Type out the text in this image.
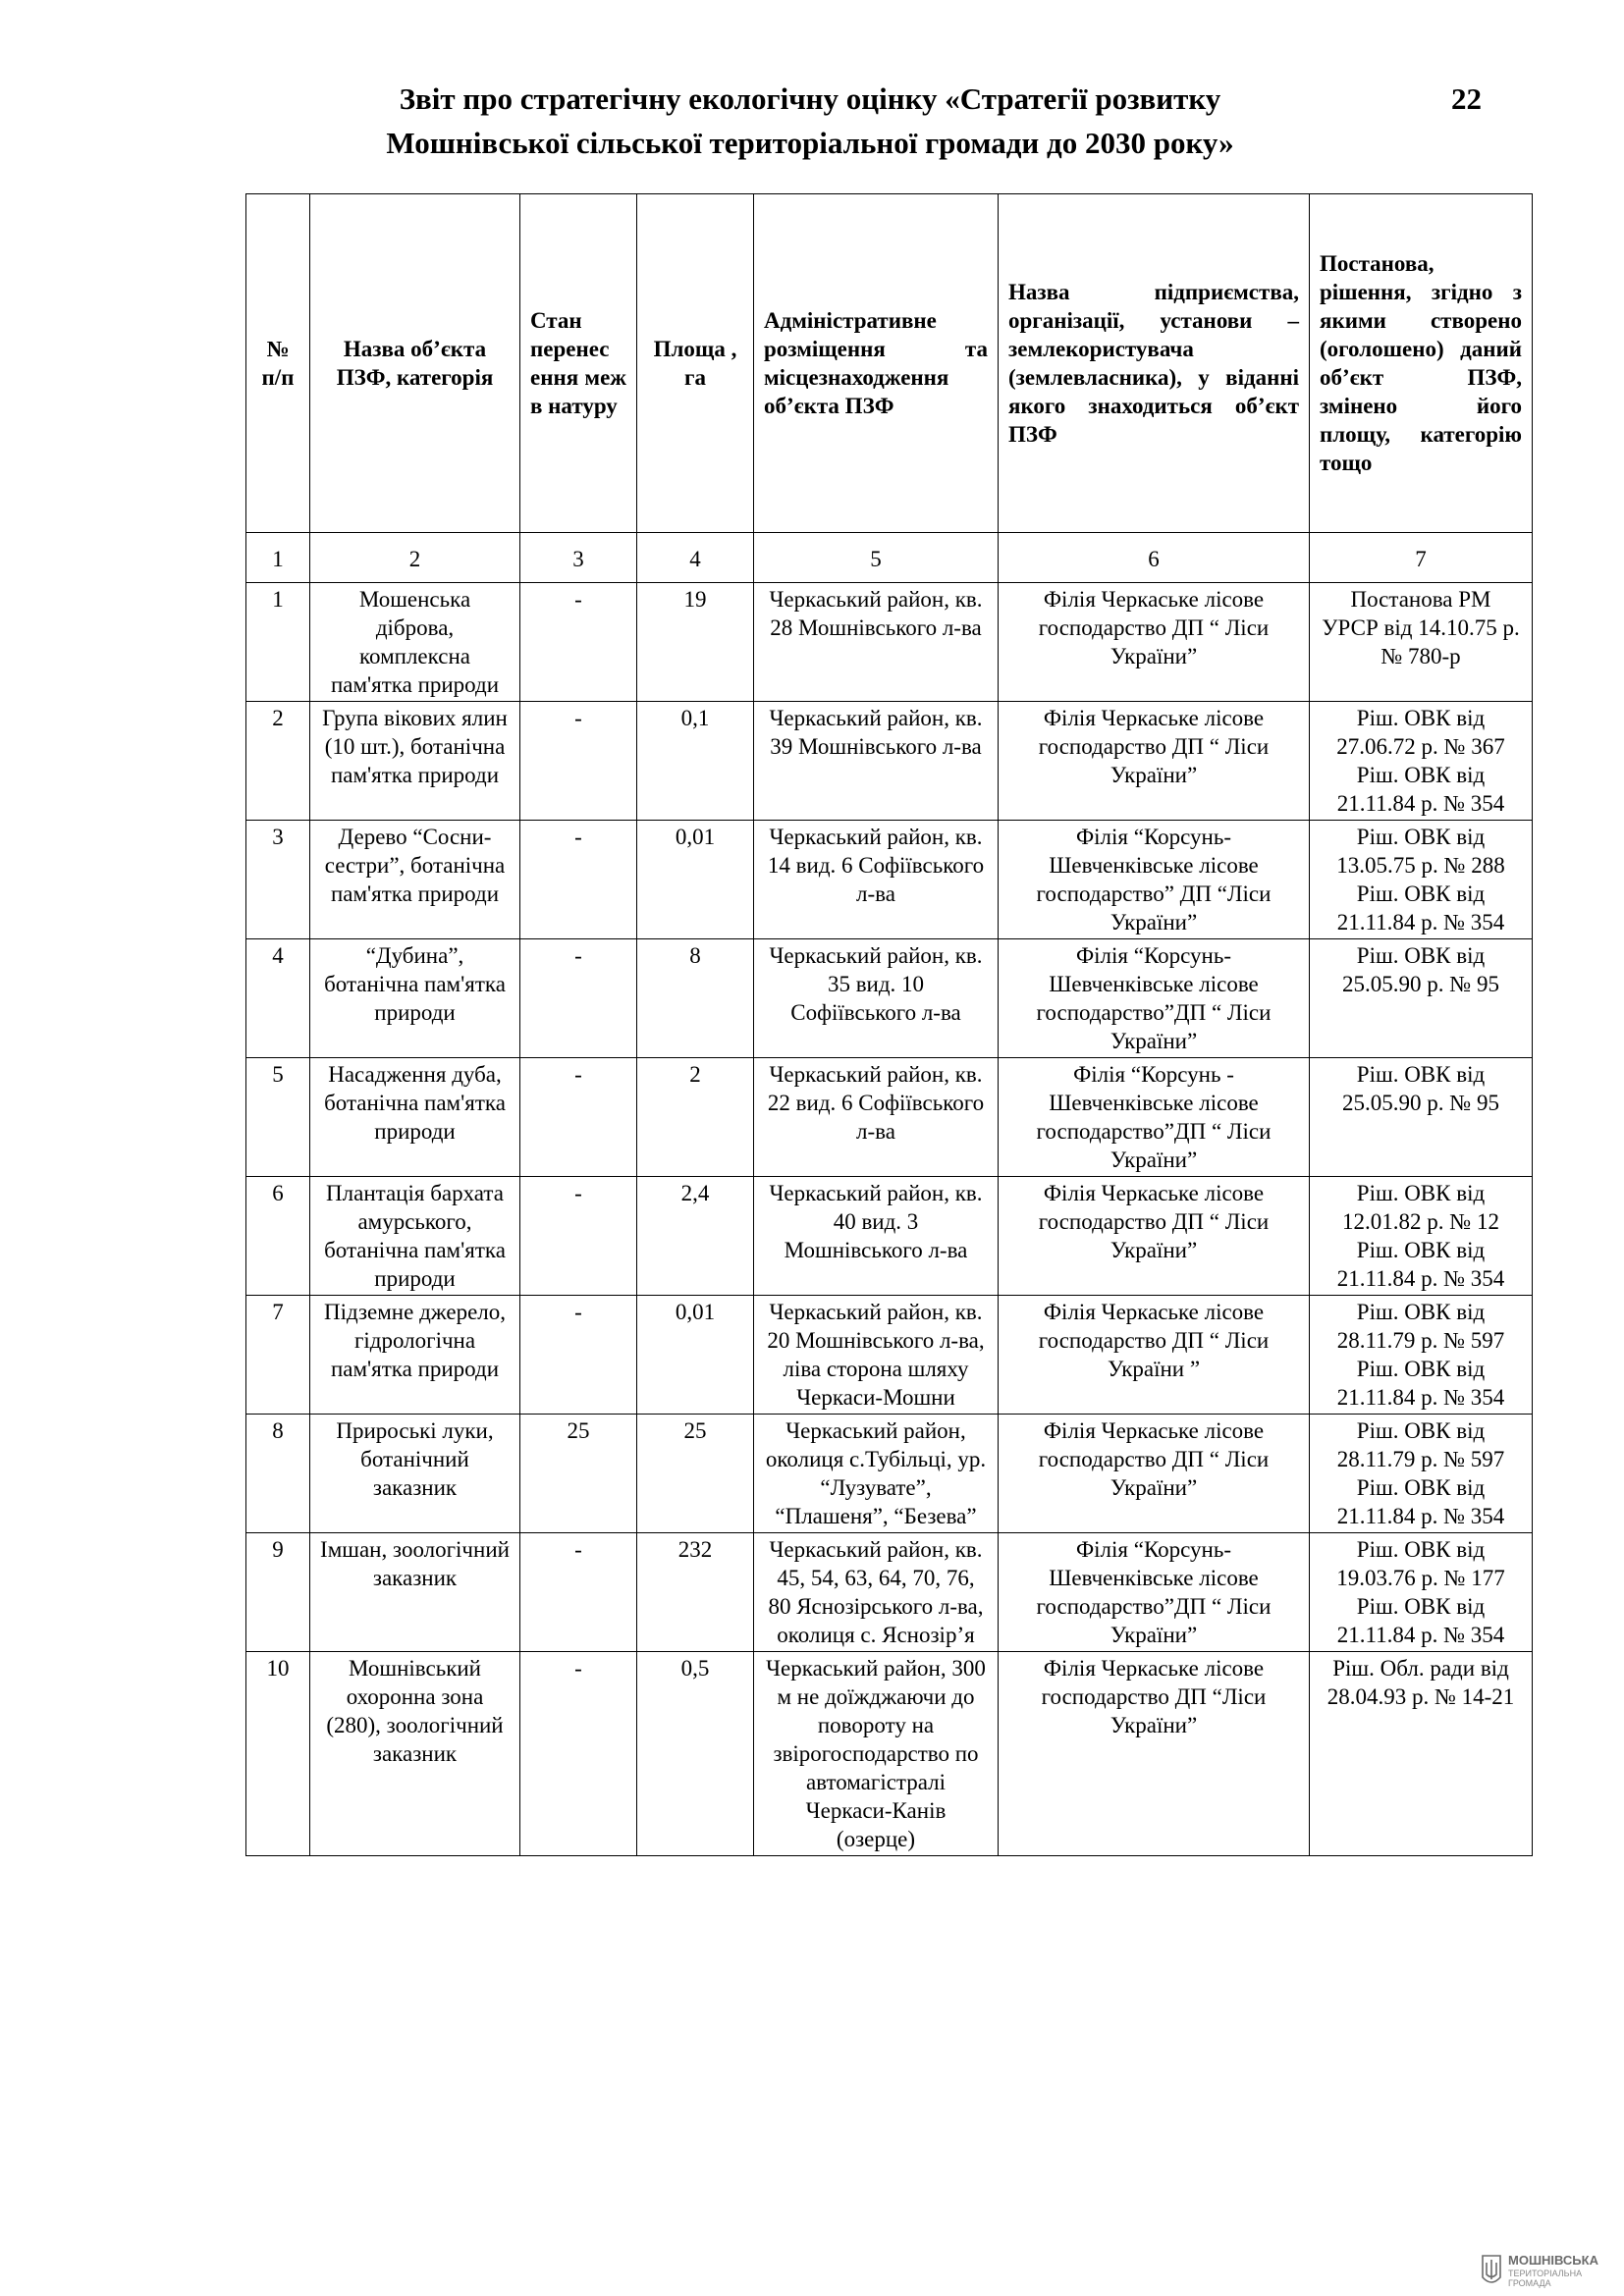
Звіт про стратегічну екологічну оцінку «Стратегії розвитку
Мошнівської сільської територіальної громади до 2030 року»
22
№ п/п	Назва об’єкта ПЗФ, категорія	Стан перенес ення меж в натуру	Площа , га	Адміністративне розміщення та місцезнаходження об’єкта ПЗФ	Назва підприємства, організації, установи – землекористувача (землевласника), у віданні якого знаходиться об’єкт ПЗФ	Постанова, рішення, згідно з якими створено (оголошено) даний об’єкт ПЗФ, змінено його площу, категорію тощо
1	2	3	4	5	6	7
1	Мошенська діброва, комплексна пам'ятка природи	-	19	Черкаський район, кв. 28 Мошнівського л-ва	Філія Черкаське лісове господарство ДП “ Ліси України”	Постанова РМ УРСР від 14.10.75 р. № 780-р
2	Група вікових ялин (10 шт.), ботанічна пам'ятка природи	-	0,1	Черкаський район, кв. 39 Мошнівського л-ва	Філія Черкаське лісове господарство ДП “ Ліси України”	Ріш. ОВК від 27.06.72 р. № 367 Ріш. ОВК від 21.11.84 р. № 354
3	Дерево “Сосни-сестри”, ботанічна пам'ятка природи	-	0,01	Черкаський район, кв. 14 вид. 6 Софіївського л-ва	Філія “Корсунь-Шевченківське лісове господарство” ДП “Ліси України”	Ріш. ОВК від 13.05.75 р. № 288 Ріш. ОВК від 21.11.84 р. № 354
4	“Дубина”, ботанічна пам'ятка природи	-	8	Черкаський район, кв. 35 вид. 10 Софіївського л-ва	Філія “Корсунь-Шевченківське лісове господарство”ДП “ Ліси України”	Ріш. ОВК від 25.05.90 р. № 95
5	Насадження дуба, ботанічна пам'ятка природи	-	2	Черкаський район, кв. 22 вид. 6 Софіївського л-ва	Філія “Корсунь - Шевченківське лісове господарство”ДП “ Ліси України”	Ріш. ОВК від 25.05.90 р. № 95
6	Плантація бархата амурського, ботанічна пам'ятка природи	-	2,4	Черкаський район, кв. 40 вид. 3 Мошнівського л-ва	Філія Черкаське лісове господарство ДП “ Ліси України”	Ріш. ОВК від 12.01.82 р. № 12 Ріш. ОВК від 21.11.84 р. № 354
7	Підземне джерело, гідрологічна пам'ятка природи	-	0,01	Черкаський район, кв. 20 Мошнівського л-ва, ліва сторона шляху Черкаси-Мошни	Філія Черкаське лісове господарство ДП “ Ліси України ”	Ріш. ОВК від 28.11.79 р. № 597 Ріш. ОВК від 21.11.84 р. № 354
8	Прироські луки, ботанічний заказник	25	25	Черкаський район, околиця с.Тубільці, ур. “Лузувате”, “Плашеня”, “Безева”	Філія Черкаське лісове господарство ДП “ Ліси України”	Ріш. ОВК від 28.11.79 р. № 597 Ріш. ОВК від 21.11.84 р. № 354
9	Імшан, зоологічний заказник	-	232	Черкаський район, кв. 45, 54, 63, 64, 70, 76, 80 Яснозірського л-ва, околиця с. Яснозір’я	Філія “Корсунь-Шевченківське лісове господарство”ДП “ Ліси України”	Ріш. ОВК від 19.03.76 р. № 177 Ріш. ОВК від 21.11.84 р. № 354
10	Мошнівський охоронна зона (280), зоологічний заказник	-	0,5	Черкаський район, 300 м не доїжджаючи до повороту на звірогосподарство по автомагістралі Черкаси-Канів (озерце)	Філія Черкаське лісове господарство ДП “Ліси України”	Ріш. Обл. ради від 28.04.93 р. № 14-21
МОШНІВСЬКА
ТЕРИТОРІАЛЬНА
ГРОМАДА
